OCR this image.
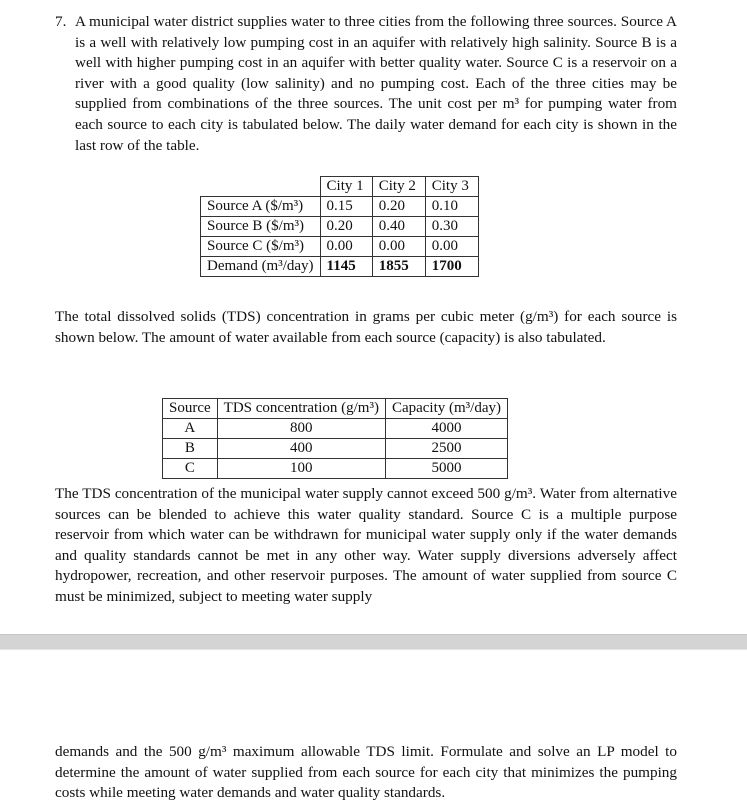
7. A municipal water district supplies water to three cities from the following three sources. Source A is a well with relatively low pumping cost in an aquifer with relatively high salinity. Source B is a well with higher pumping cost in an aquifer with better quality water. Source C is a reservoir on a river with a good quality (low salinity) and no pumping cost. Each of the three cities may be supplied from combinations of the three sources. The unit cost per m³ for pumping water from each source to each city is tabulated below. The daily water demand for each city is shown in the last row of the table.
	City 1	City 2	City 3
Source A ($/m³)	0.15	0.20	0.10
Source B ($/m³)	0.20	0.40	0.30
Source C ($/m³)	0.00	0.00	0.00
Demand (m³/day)	1145	1855	1700
The total dissolved solids (TDS) concentration in grams per cubic meter (g/m³) for each source is shown below. The amount of water available from each source (capacity) is also tabulated.
Source	TDS concentration (g/m³)	Capacity (m³/day)
A	800	4000
B	400	2500
C	100	5000
The TDS concentration of the municipal water supply cannot exceed 500 g/m³. Water from alternative sources can be blended to achieve this water quality standard. Source C is a multiple purpose reservoir from which water can be withdrawn for municipal water supply only if the water demands and quality standards cannot be met in any other way. Water supply diversions adversely affect hydropower, recreation, and other reservoir purposes. The amount of water supplied from source C must be minimized, subject to meeting water supply
demands and the 500 g/m³ maximum allowable TDS limit. Formulate and solve an LP model to determine the amount of water supplied from each source for each city that minimizes the pumping costs while meeting water demands and water quality standards.
